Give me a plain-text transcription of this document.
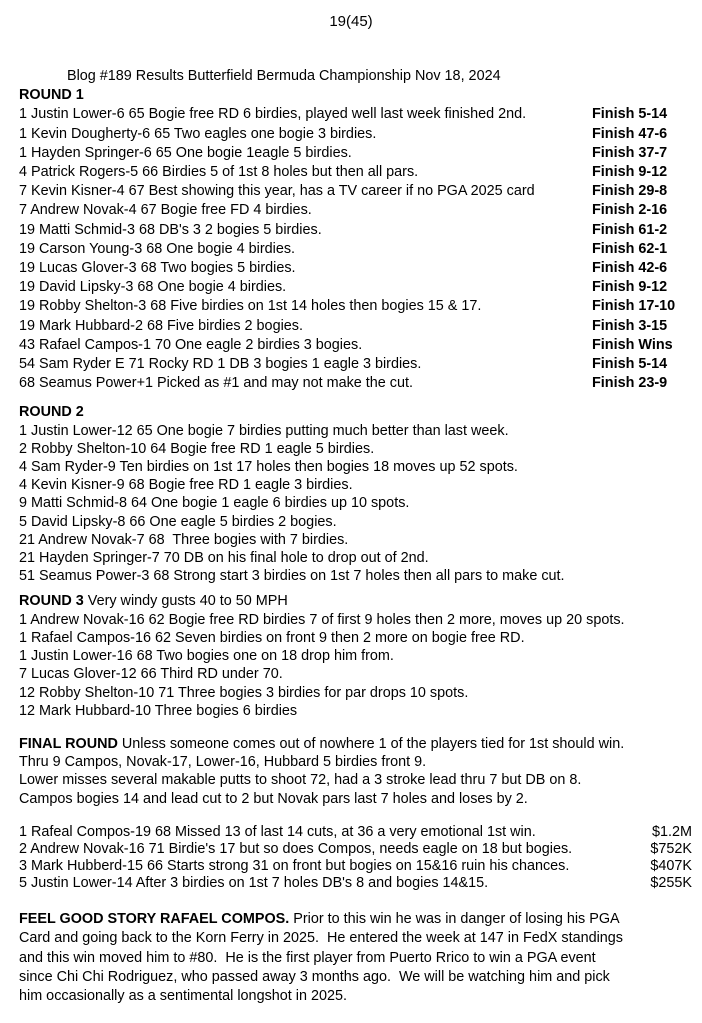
19(45)
Blog #189 Results Butterfield Bermuda Championship Nov 18, 2024
ROUND 1
1 Justin Lower-6 65 Bogie free RD 6 birdies, played well last week finished 2nd.	Finish 5-14
1 Kevin Dougherty-6 65 Two eagles one bogie 3 birdies.	Finish 47-6
1 Hayden Springer-6 65 One bogie 1eagle 5 birdies.	Finish 37-7
4 Patrick Rogers-5 66 Birdies 5 of 1st 8 holes but then all pars.	Finish 9-12
7 Kevin Kisner-4 67 Best showing this year, has a TV career if no PGA 2025 card	Finish 29-8
7 Andrew Novak-4 67 Bogie free FD 4 birdies.	Finish 2-16
19 Matti Schmid-3 68 DB's 3 2 bogies 5 birdies.	Finish 61-2
19 Carson Young-3 68 One bogie 4 birdies.	Finish 62-1
19 Lucas Glover-3 68 Two bogies 5 birdies.	Finish 42-6
19 David Lipsky-3 68 One bogie 4 birdies.	Finish 9-12
19 Robby Shelton-3 68 Five birdies on 1st 14 holes then bogies 15 & 17.	Finish 17-10
19 Mark Hubbard-2 68 Five birdies 2 bogies.	Finish 3-15
43 Rafael Campos-1 70 One eagle 2 birdies 3 bogies.	Finish Wins
54 Sam Ryder E 71 Rocky RD 1 DB 3 bogies 1 eagle 3 birdies.	Finish 5-14
68 Seamus Power+1 Picked as #1 and may not make the cut.	Finish 23-9
ROUND 2
1 Justin Lower-12 65 One bogie 7 birdies putting much better than last week.
2 Robby Shelton-10 64 Bogie free RD 1 eagle 5 birdies.
4 Sam Ryder-9 Ten birdies on 1st 17 holes then bogies 18 moves up 52 spots.
4 Kevin Kisner-9 68 Bogie free RD 1 eagle 3 birdies.
9 Matti Schmid-8 64 One bogie 1 eagle 6 birdies up 10 spots.
5 David Lipsky-8 66 One eagle 5 birdies 2 bogies.
21 Andrew Novak-7 68  Three bogies with 7 birdies.
21 Hayden Springer-7 70 DB on his final hole to drop out of 2nd.
51 Seamus Power-3 68 Strong start 3 birdies on 1st 7 holes then all pars to make cut.
ROUND 3 Very windy gusts 40 to 50 MPH
1 Andrew Novak-16 62 Bogie free RD birdies 7 of first 9 holes then 2 more, moves up 20 spots.
1 Rafael Campos-16 62 Seven birdies on front 9 then 2 more on bogie free RD.
1 Justin Lower-16 68 Two bogies one on 18 drop him from.
7 Lucas Glover-12 66 Third RD under 70.
12 Robby Shelton-10 71 Three bogies 3 birdies for par drops 10 spots.
12 Mark Hubbard-10 Three bogies 6 birdies
FINAL ROUND Unless someone comes out of nowhere 1 of the players tied for 1st should win.
Thru 9 Campos, Novak-17, Lower-16, Hubbard 5 birdies front 9.
Lower misses several makable putts to shoot 72, had a 3 stroke lead thru 7 but DB on 8.
Campos bogies 14 and lead cut to 2 but Novak pars last 7 holes and loses by 2.
1 Rafeal Compos-19 68 Missed 13 of last 14 cuts, at 36 a very emotional 1st win.	$1.2M
2 Andrew Novak-16 71 Birdie's 17 but so does Compos, needs eagle on 18 but bogies.	$752K
3 Mark Hubberd-15 66 Starts strong 31 on front but bogies on 15&16 ruin his chances.	$407K
5 Justin Lower-14 After 3 birdies on 1st 7 holes DB's 8 and bogies 14&15.	$255K
FEEL GOOD STORY RAFAEL COMPOS. Prior to this win he was in danger of losing his PGA
Card and going back to the Korn Ferry in 2025.  He entered the week at 147 in FedX standings
and this win moved him to #80.  He is the first player from Puerto Rrico to win a PGA event
since Chi Chi Rodriguez, who passed away 3 months ago.  We will be watching him and pick
him occasionally as a sentimental longshot in 2025.
